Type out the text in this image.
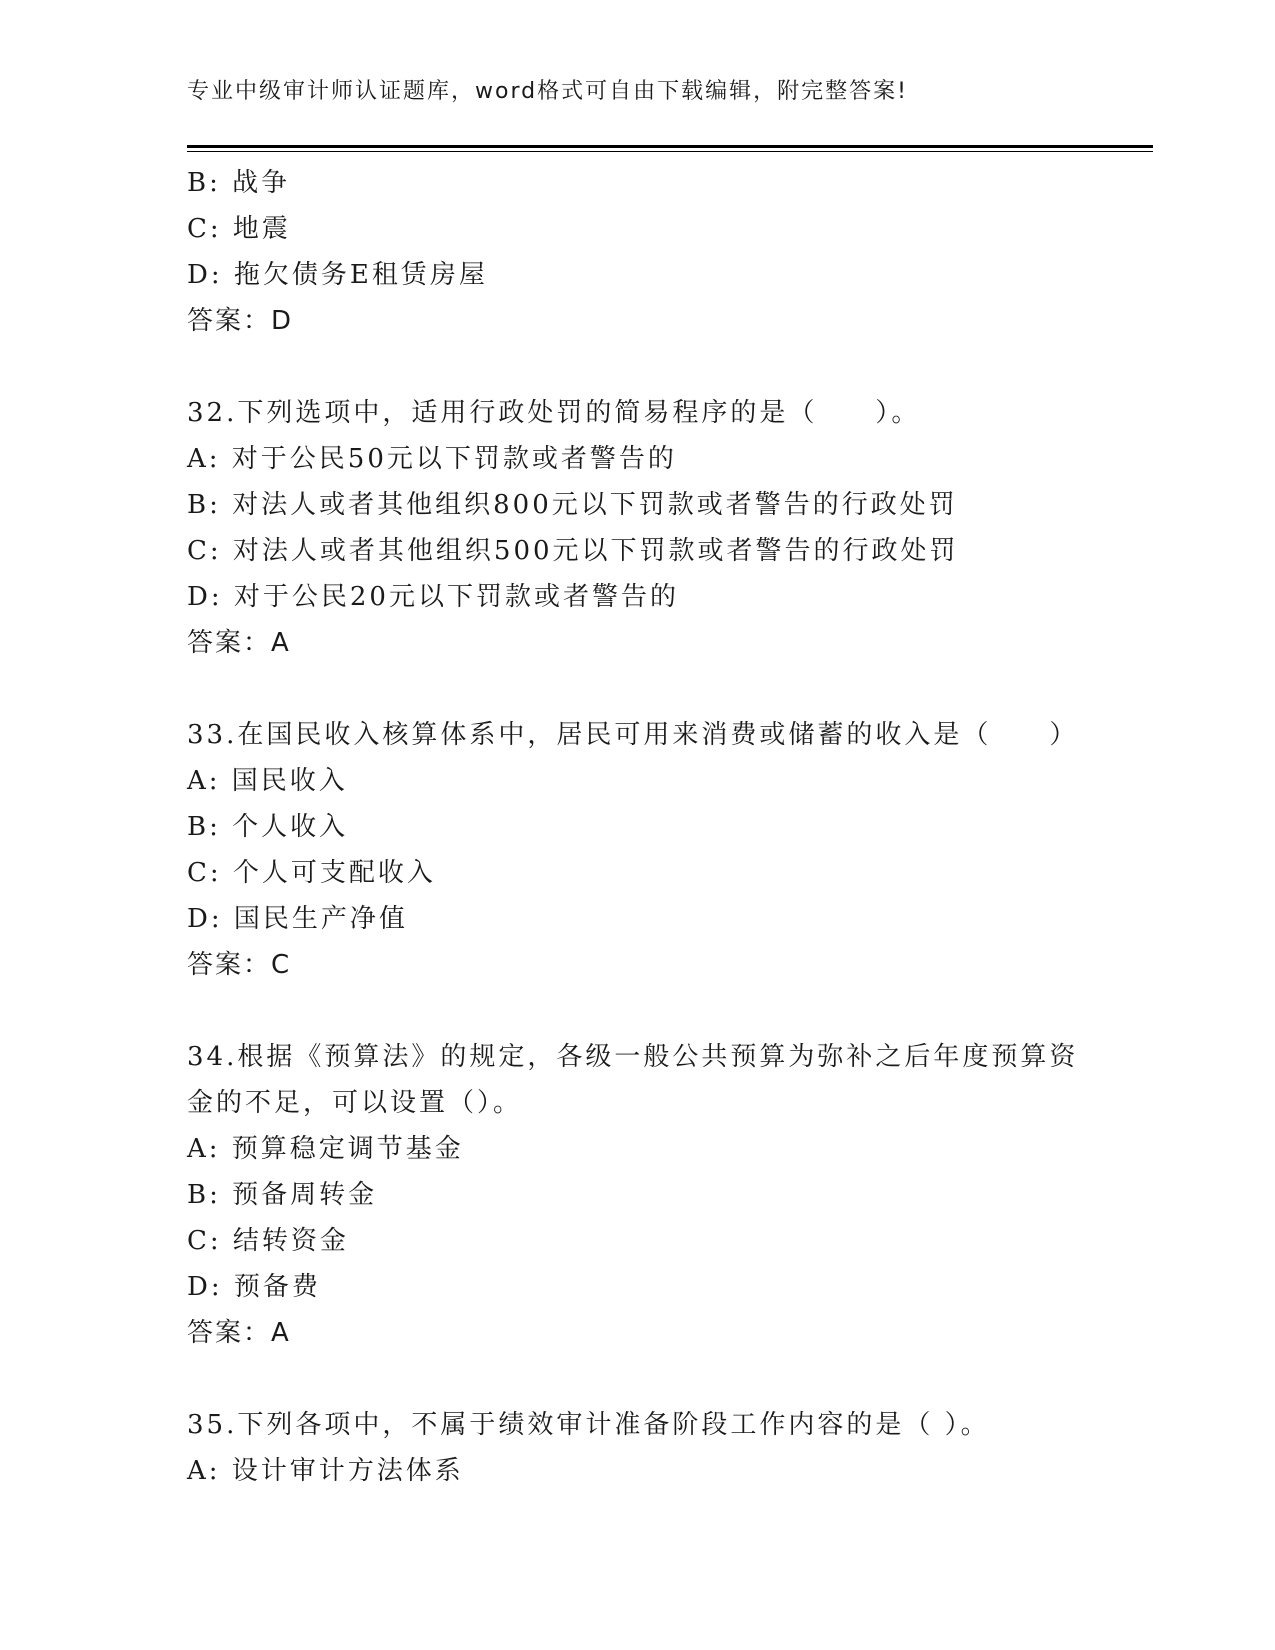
专业中级审计师认证题库，word格式可自由下载编辑，附完整答案!
B: 战争
C: 地震
D: 拖欠债务E租赁房屋
答案：D
32.下列选项中，适用行政处罚的简易程序的是（　　）。
A: 对于公民50元以下罚款或者警告的
B: 对法人或者其他组织800元以下罚款或者警告的行政处罚
C: 对法人或者其他组织500元以下罚款或者警告的行政处罚
D: 对于公民20元以下罚款或者警告的
答案：A
33.在国民收入核算体系中，居民可用来消费或储蓄的收入是（　　）
A: 国民收入
B: 个人收入
C: 个人可支配收入
D: 国民生产净值
答案：C
34.根据《预算法》的规定，各级一般公共预算为弥补之后年度预算资
金的不足，可以设置（）。
A: 预算稳定调节基金
B: 预备周转金
C: 结转资金
D: 预备费
答案：A
35.下列各项中，不属于绩效审计准备阶段工作内容的是（ ）。
A: 设计审计方法体系
